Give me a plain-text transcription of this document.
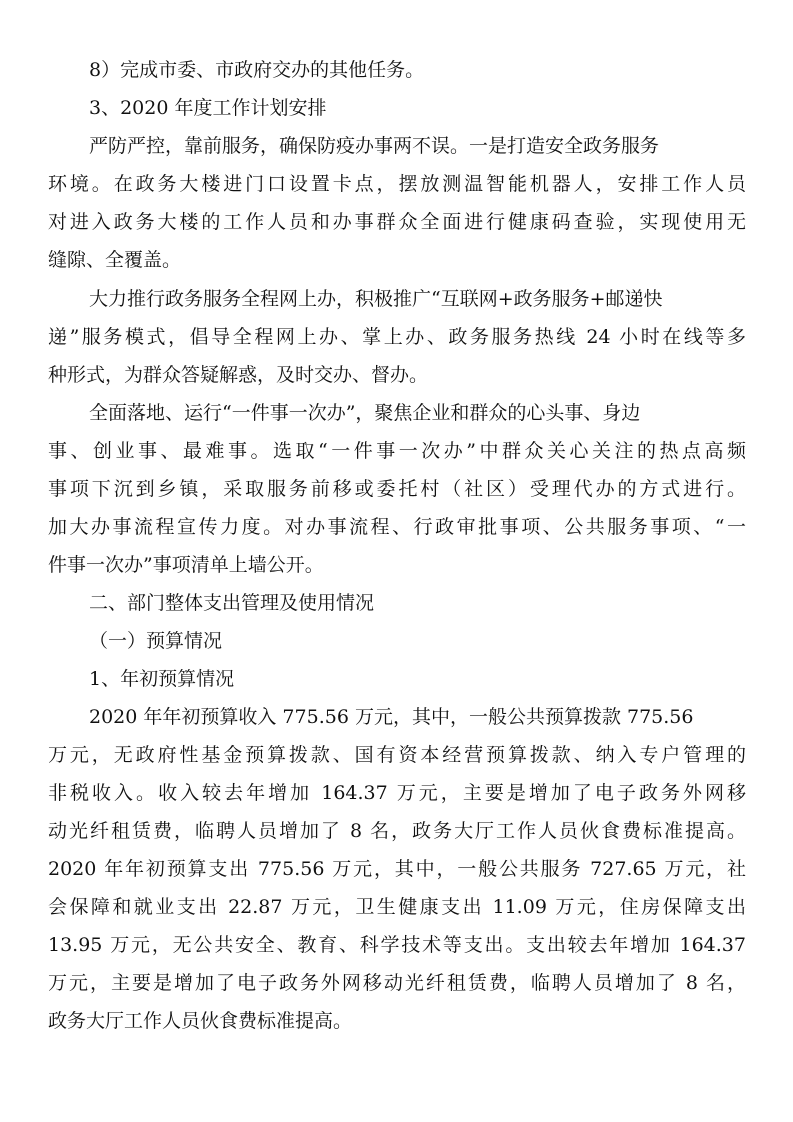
8）完成市委、市政府交办的其他任务。
3、2020 年度工作计划安排
严防严控，靠前服务，确保防疫办事两不误。一是打造安全政务服务
环境。在政务大楼进门口设置卡点，摆放测温智能机器人，安排工作人员
对进入政务大楼的工作人员和办事群众全面进行健康码查验，实现使用无
缝隙、全覆盖。
大力推行政务服务全程网上办，积极推广“互联网+政务服务+邮递快
递”服务模式，倡导全程网上办、掌上办、政务服务热线 24 小时在线等多
种形式，为群众答疑解惑，及时交办、督办。
全面落地、运行“一件事一次办”，聚焦企业和群众的心头事、身边
事、创业事、最难事。选取“一件事一次办”中群众关心关注的热点高频
事项下沉到乡镇，采取服务前移或委托村（社区）受理代办的方式进行。
加大办事流程宣传力度。对办事流程、行政审批事项、公共服务事项、“一
件事一次办”事项清单上墙公开。
二、部门整体支出管理及使用情况
（一）预算情况
1、年初预算情况
2020 年年初预算收入 775.56 万元，其中，一般公共预算拨款 775.56
万元，无政府性基金预算拨款、国有资本经营预算拨款、纳入专户管理的
非税收入。收入较去年增加 164.37 万元，主要是增加了电子政务外网移
动光纤租赁费，临聘人员增加了 8 名，政务大厅工作人员伙食费标准提高。
2020 年年初预算支出 775.56 万元，其中，一般公共服务 727.65 万元，社
会保障和就业支出 22.87 万元，卫生健康支出 11.09 万元，住房保障支出
13.95 万元，无公共安全、教育、科学技术等支出。支出较去年增加 164.37
万元，主要是增加了电子政务外网移动光纤租赁费，临聘人员增加了 8 名，
政务大厅工作人员伙食费标准提高。
